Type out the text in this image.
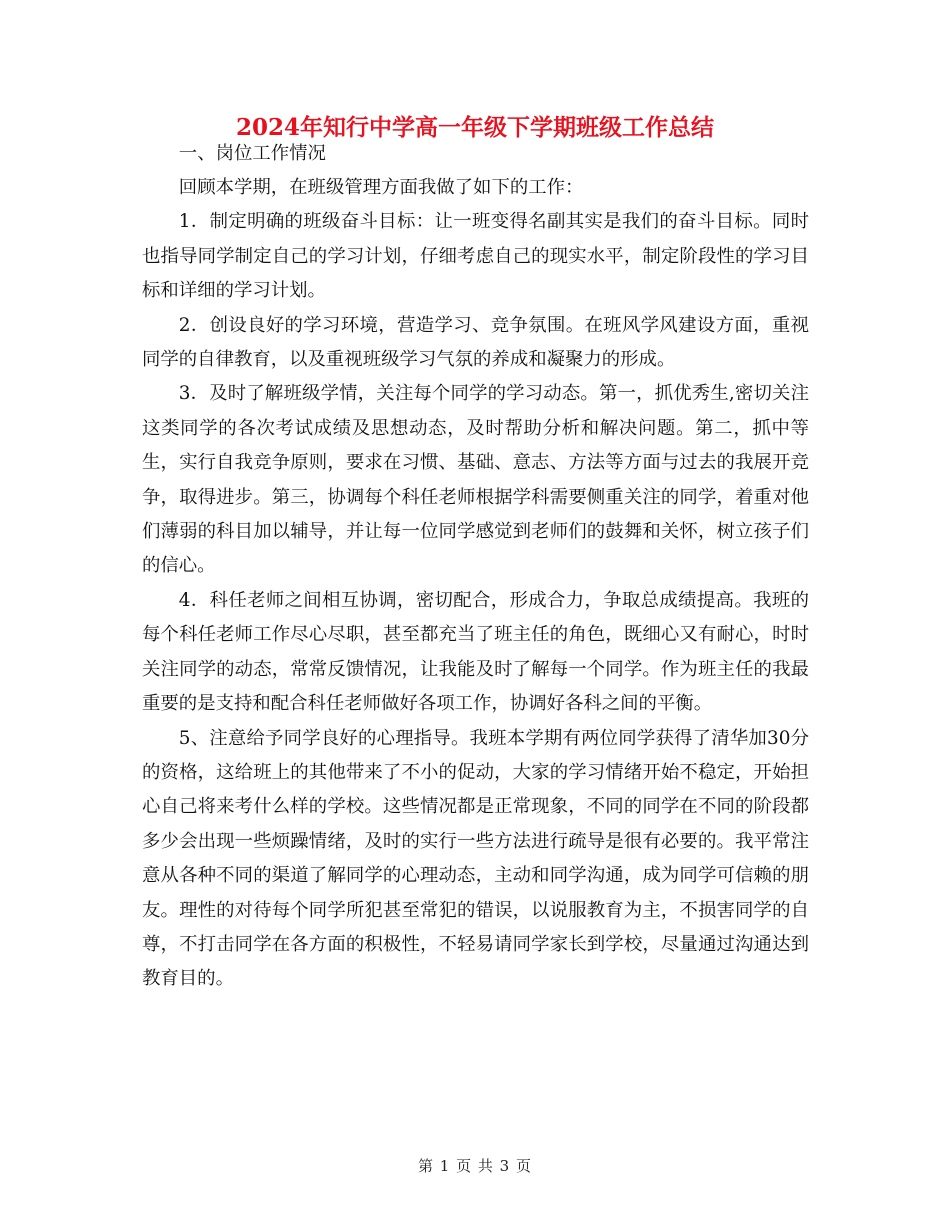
2024年知行中学高一年级下学期班级工作总结

一、岗位工作情况

回顾本学期，在班级管理方面我做了如下的工作：

1．制定明确的班级奋斗目标：让一班变得名副其实是我们的奋斗目标。同时也指导同学制定自己的学习计划，仔细考虑自己的现实水平，制定阶段性的学习目标和详细的学习计划。

2．创设良好的学习环境，营造学习、竞争氛围。在班风学风建设方面，重视同学的自律教育，以及重视班级学习气氛的养成和凝聚力的形成。

3．及时了解班级学情，关注每个同学的学习动态。第一，抓优秀生,密切关注这类同学的各次考试成绩及思想动态，及时帮助分析和解决问题。第二，抓中等生，实行自我竞争原则，要求在习惯、基础、意志、方法等方面与过去的我展开竞争，取得进步。第三，协调每个科任老师根据学科需要侧重关注的同学，着重对他们薄弱的科目加以辅导，并让每一位同学感觉到老师们的鼓舞和关怀，树立孩子们的信心。

4．科任老师之间相互协调，密切配合，形成合力，争取总成绩提高。我班的每个科任老师工作尽心尽职，甚至都充当了班主任的角色，既细心又有耐心，时时关注同学的动态，常常反馈情况，让我能及时了解每一个同学。作为班主任的我最重要的是支持和配合科任老师做好各项工作，协调好各科之间的平衡。

5、注意给予同学良好的心理指导。我班本学期有两位同学获得了清华加30分的资格，这给班上的其他带来了不小的促动，大家的学习情绪开始不稳定，开始担心自己将来考什么样的学校。这些情况都是正常现象，不同的同学在不同的阶段都多少会出现一些烦躁情绪，及时的实行一些方法进行疏导是很有必要的。我平常注意从各种不同的渠道了解同学的心理动态，主动和同学沟通，成为同学可信赖的朋友。理性的对待每个同学所犯甚至常犯的错误，以说服教育为主，不损害同学的自尊，不打击同学在各方面的积极性，不轻易请同学家长到学校，尽量通过沟通达到教育目的。

第 1 页 共 3 页
